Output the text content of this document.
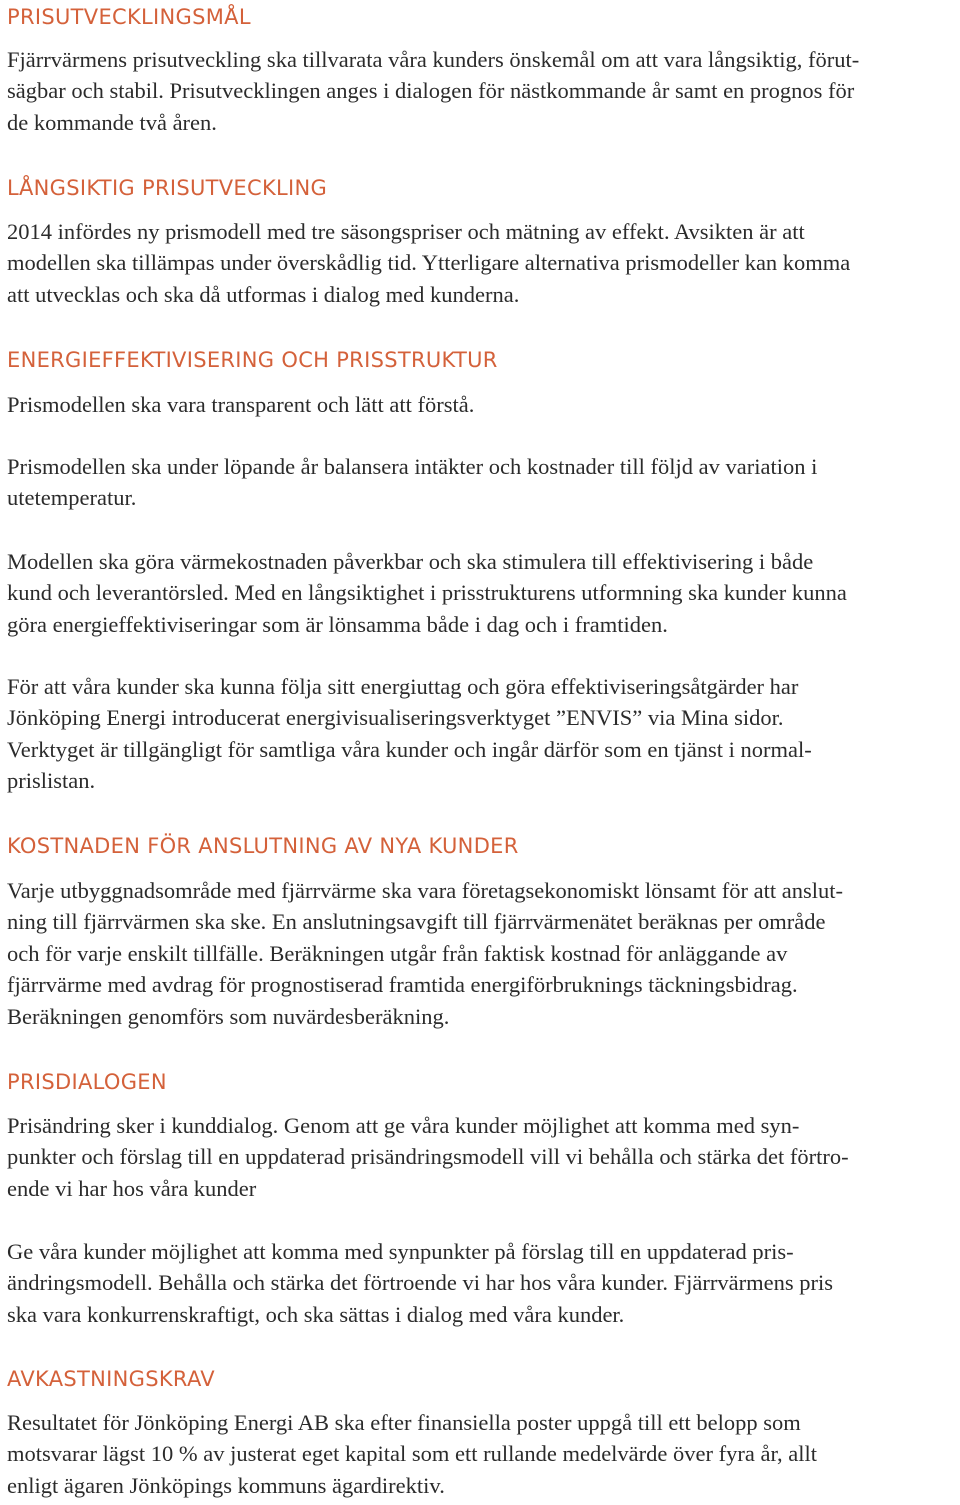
PRISUTVECKLINGSMÅL

Fjärrvärmens prisutveckling ska tillvarata våra kunders önskemål om att vara långsiktig, förut-
sägbar och stabil. Prisutvecklingen anges i dialogen för nästkommande år samt en prognos för
de kommande två åren.

LÅNGSIKTIG PRISUTVECKLING

2014 infördes ny prismodell med tre säsongspriser och mätning av effekt. Avsikten är att
modellen ska tillämpas under överskådlig tid. Ytterligare alternativa prismodeller kan komma
att utvecklas och ska då utformas i dialog med kunderna.

ENERGIEFFEKTIVISERING OCH PRISSTRUKTUR

Prismodellen ska vara transparent och lätt att förstå.

Prismodellen ska under löpande år balansera intäkter och kostnader till följd av variation i
utetemperatur.

Modellen ska göra värmekostnaden påverkbar och ska stimulera till effektivisering i både
kund och leverantörsled. Med en långsiktighet i prisstrukturens utformning ska kunder kunna
göra energieffektiviseringar som är lönsamma både i dag och i framtiden.

För att våra kunder ska kunna följa sitt energiuttag och göra effektiviseringsåtgärder har
Jönköping Energi introducerat energivisualiseringsverktyget ”ENVIS” via Mina sidor.
Verktyget är tillgängligt för samtliga våra kunder och ingår därför som en tjänst i normal-
prislistan.

KOSTNADEN FÖR ANSLUTNING AV NYA KUNDER

Varje utbyggnadsområde med fjärrvärme ska vara företagsekonomiskt lönsamt för att anslut-
ning till fjärrvärmen ska ske. En anslutningsavgift till fjärrvärmenätet beräknas per område
och för varje enskilt tillfälle. Beräkningen utgår från faktisk kostnad för anläggande av
fjärrvärme med avdrag för prognostiserad framtida energiförbruknings täckningsbidrag.
Beräkningen genomförs som nuvärdesberäkning.

PRISDIALOGEN

Prisändring sker i kunddialog. Genom att ge våra kunder möjlighet att komma med syn-
punkter och förslag till en uppdaterad prisändringsmodell vill vi behålla och stärka det förtro-
ende vi har hos våra kunder

Ge våra kunder möjlighet att komma med synpunkter på förslag till en uppdaterad pris-
ändringsmodell. Behålla och stärka det förtroende vi har hos våra kunder. Fjärrvärmens pris
ska vara konkurrenskraftigt, och ska sättas i dialog med våra kunder.

AVKASTNINGSKRAV

Resultatet för Jönköping Energi AB ska efter finansiella poster uppgå till ett belopp som
motsvarar lägst 10 % av justerat eget kapital som ett rullande medelvärde över fyra år, allt
enligt ägaren Jönköpings kommuns ägardirektiv.
